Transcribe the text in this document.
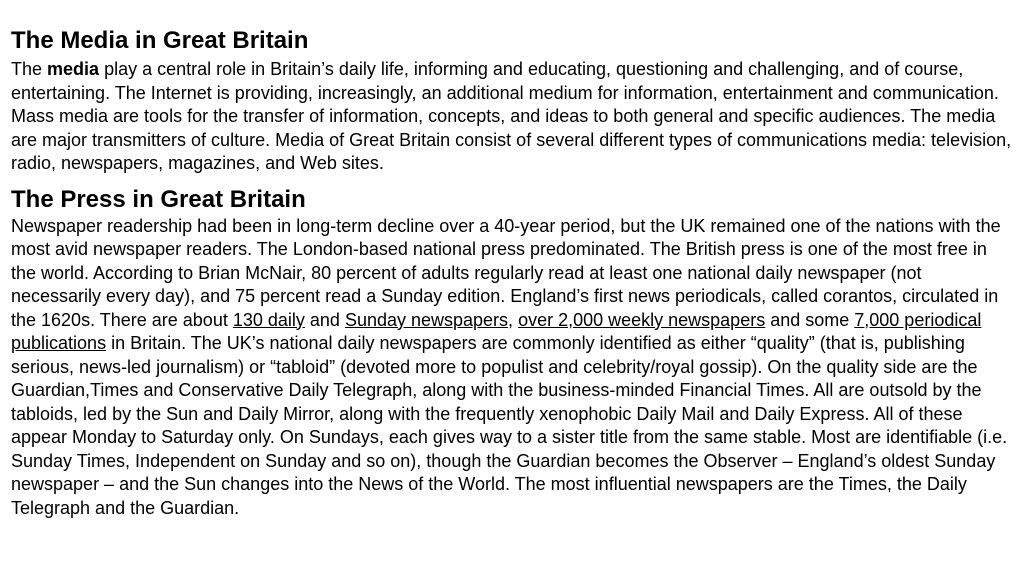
The Media in Great Britain

The media play a central role in Britain’s daily life, informing and educating, questioning and challenging, and of course, entertaining. The Internet is providing, increasingly, an additional medium for information, entertainment and communication. Mass media are tools for the transfer of information, concepts, and ideas to both general and specific audiences. The media are major transmitters of culture. Media of Great Britain consist of several different types of communications media: television, radio, newspapers, magazines, and Web sites.

The Press in Great Britain

Newspaper readership had been in long-term decline over a 40-year period, but the UK remained one of the nations with the most avid newspaper readers. The London-based national press predominated. The British press is one of the most free in the world. According to Brian McNair, 80 percent of adults regularly read at least one national daily newspaper (not necessarily every day), and 75 percent read a Sunday edition. England’s first news periodicals, called corantos, circulated in the 1620s. There are about 130 daily and Sunday newspapers, over 2,000 weekly newspapers and some 7,000 periodical publications in Britain. The UK’s national daily newspapers are commonly identified as either “quality” (that is, publishing serious, news-led journalism) or “tabloid” (devoted more to populist and celebrity/royal gossip). On the quality side are the Guardian,Times and Conservative Daily Telegraph, along with the business-minded Financial Times. All are outsold by the tabloids, led by the Sun and Daily Mirror, along with the frequently xenophobic Daily Mail and Daily Express. All of these appear Monday to Saturday only. On Sundays, each gives way to a sister title from the same stable. Most are identifiable (i.e. Sunday Times, Independent on Sunday and so on), though the Guardian becomes the Observer – England’s oldest Sunday newspaper – and the Sun changes into the News of the World. The most influential newspapers are the Times, the Daily Telegraph and the Guardian.
